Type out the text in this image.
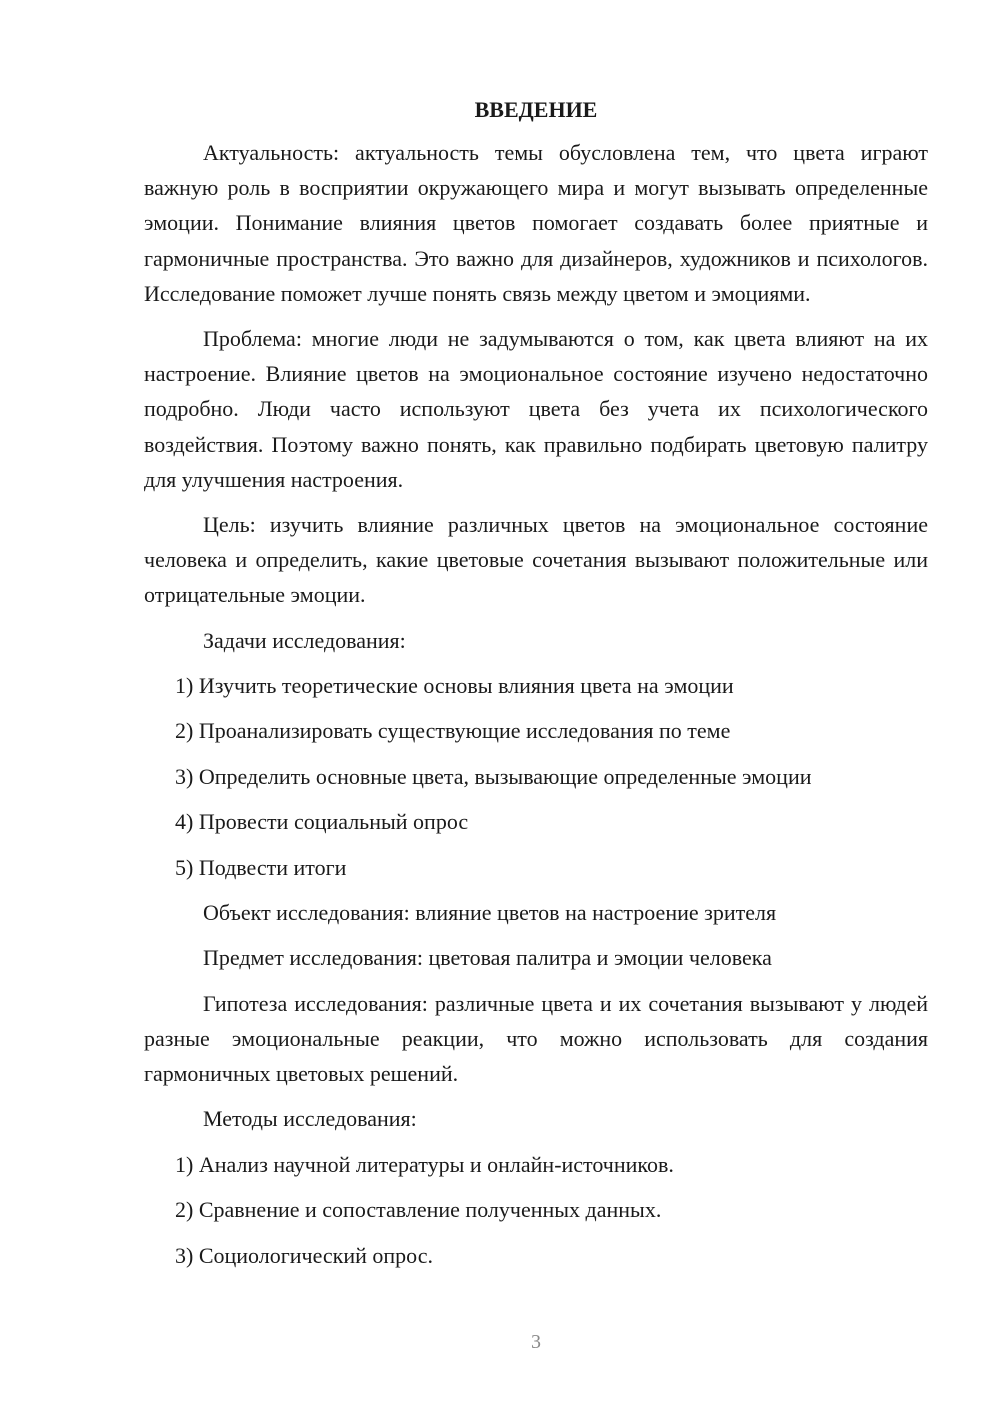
ВВЕДЕНИЕ

Актуальность: актуальность темы обусловлена тем, что цвета играют важную роль в восприятии окружающего мира и могут вызывать определенные эмоции. Понимание влияния цветов помогает создавать более приятные и гармоничные пространства. Это важно для дизайнеров, художников и психологов. Исследование поможет лучше понять связь между цветом и эмоциями.

Проблема: многие люди не задумываются о том, как цвета влияют на их настроение. Влияние цветов на эмоциональное состояние изучено недостаточно подробно. Люди часто используют цвета без учета их психологического воздействия. Поэтому важно понять, как правильно подбирать цветовую палитру для улучшения настроения.

Цель: изучить влияние различных цветов на эмоциональное состояние человека и определить, какие цветовые сочетания вызывают положительные или отрицательные эмоции.

Задачи исследования:
1) Изучить теоретические основы влияния цвета на эмоции
2) Проанализировать существующие исследования по теме
3) Определить основные цвета, вызывающие определенные эмоции
4) Провести социальный опрос
5) Подвести итоги
Объект исследования: влияние цветов на настроение зрителя
Предмет исследования: цветовая палитра и эмоции человека

Гипотеза исследования: различные цвета и их сочетания вызывают у людей разные эмоциональные реакции, что можно использовать для создания гармоничных цветовых решений.

Методы исследования:
1) Анализ научной литературы и онлайн-источников.
2) Сравнение и сопоставление полученных данных.
3) Социологический опрос.
3
